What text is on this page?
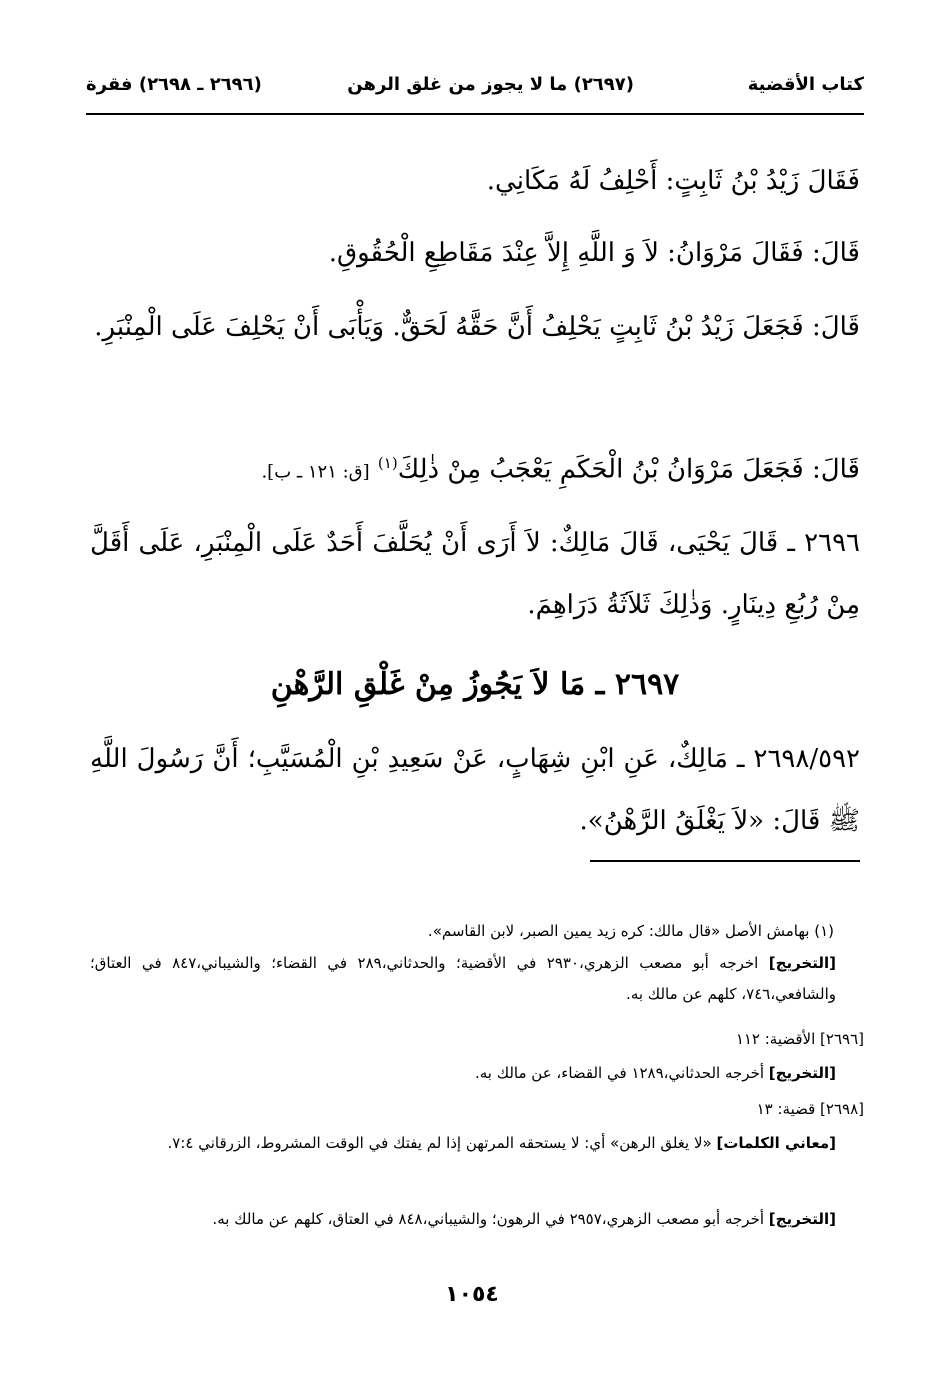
كتاب الأقضية
(٢٦٩٧) ما لا يجوز من غلق الرهن
(٢٦٩٦ ـ ٢٦٩٨) فقرة
فَقَالَ زَيْدُ بْنُ ثَابِتٍ: أَحْلِفُ لَهُ مَكَانِي.
قَالَ: فَقَالَ مَرْوَانُ: لاَ وَ اللَّهِ إِلاَّ عِنْدَ مَقَاطِعِ الْحُقُوقِ.
قَالَ: فَجَعَلَ زَيْدُ بْنُ ثَابِتٍ يَحْلِفُ أَنَّ حَقَّهُ لَحَقٌّ. وَيَأْبَى أَنْ يَحْلِفَ عَلَى الْمِنْبَرِ.
قَالَ: فَجَعَلَ مَرْوَانُ بْنُ الْحَكَمِ يَعْجَبُ مِنْ ذٰلِكَ$^{(١)}$ [ق: ١٢١ ـ ب].
٢٦٩٦ ـ قَالَ يَحْيَى، قَالَ مَالِكٌ: لاَ أَرَى أَنْ يُحَلَّفَ أَحَدٌ عَلَى الْمِنْبَرِ، عَلَى أَقَلَّ مِنْ رُبُعِ دِينَارٍ. وَذٰلِكَ ثَلاَثَةُ دَرَاهِمَ.
٢٦٩٧ ـ مَا لاَ يَجُوزُ مِنْ غَلْقِ الرَّهْنِ
٢٦٩٨/٥٩٢ ـ مَالِكٌ، عَنِ ابْنِ شِهَابٍ، عَنْ سَعِيدِ بْنِ الْمُسَيَّبِ؛ أَنَّ رَسُولَ اللَّهِ ﷺ قَالَ: «لاَ يَغْلَقُ الرَّهْنُ».
(١) بهامش الأصل «قال مالك: كره زيد يمين الصبر، لابن القاسم».
[التخريج] اخرجه أبو مصعب الزهري،٢٩٣٠ في الأقضية؛ والحدثاني،٢٨٩ في القضاء؛ والشيباني،٨٤٧ في العتاق؛ والشافعي،٧٤٦، كلهم عن مالك به.
[٢٦٩٦] الأقضية: ١١٢
[التخريج] أخرجه الحدثاني،١٢٨٩ في القضاء، عن مالك به.
[٢٦٩٨] قضية: ١٣
[معاني الكلمات] «لا يغلق الرهن» أي: لا يستحقه المرتهن إذا لم يفتك في الوقت المشروط، الزرقاني ٧:٤.
[التخريج] أخرجه أبو مصعب الزهري،٢٩٥٧ في الرهون؛ والشيباني،٨٤٨ في العتاق، كلهم عن مالك به.
١٠٥٤
